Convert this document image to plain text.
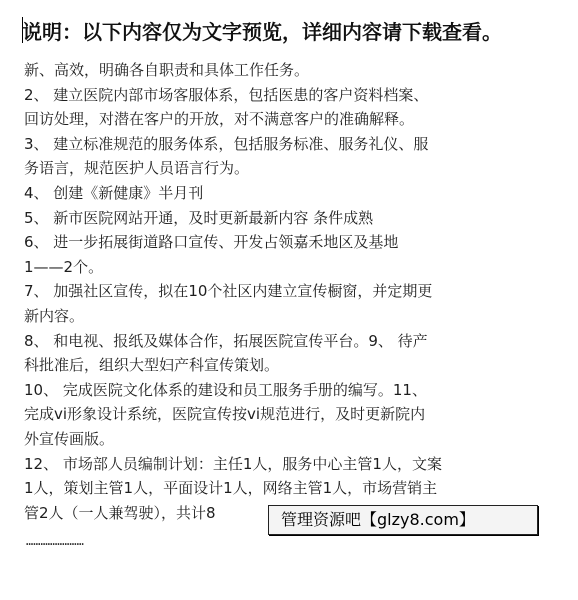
说明：以下内容仅为文字预览，详细内容请下载查看。
新、高效，明确各自职责和具体工作任务。
2、 建立医院内部市场客服体系，包括医患的客户资料档案、
回访处理，对潜在客户的开放，对不满意客户的准确解释。
3、 建立标准规范的服务体系，包括服务标准、服务礼仪、服
务语言，规范医护人员语言行为。
4、 创建《新健康》半月刊
5、 新市医院网站开通，及时更新最新内容 条件成熟
6、 进一步拓展街道路口宣传、开发占领嘉禾地区及基地
1——2个。
7、 加强社区宣传，拟在10个社区内建立宣传橱窗，并定期更
新内容。
8、 和电视、报纸及媒体合作，拓展医院宣传平台。9、 待产
科批准后，组织大型妇产科宣传策划。
10、 完成医院文化体系的建设和员工服务手册的编写。11、
完成vi形象设计系统，医院宣传按vi规范进行，及时更新院内
外宣传画版。
12、 市场部人员编制计划：主任1人，服务中心主管1人，文案
1人，策划主管1人，平面设计1人，网络主管1人，市场营销主
管2人（一人兼驾驶），共计8
……………………
管理资源吧【glzy8.com】
